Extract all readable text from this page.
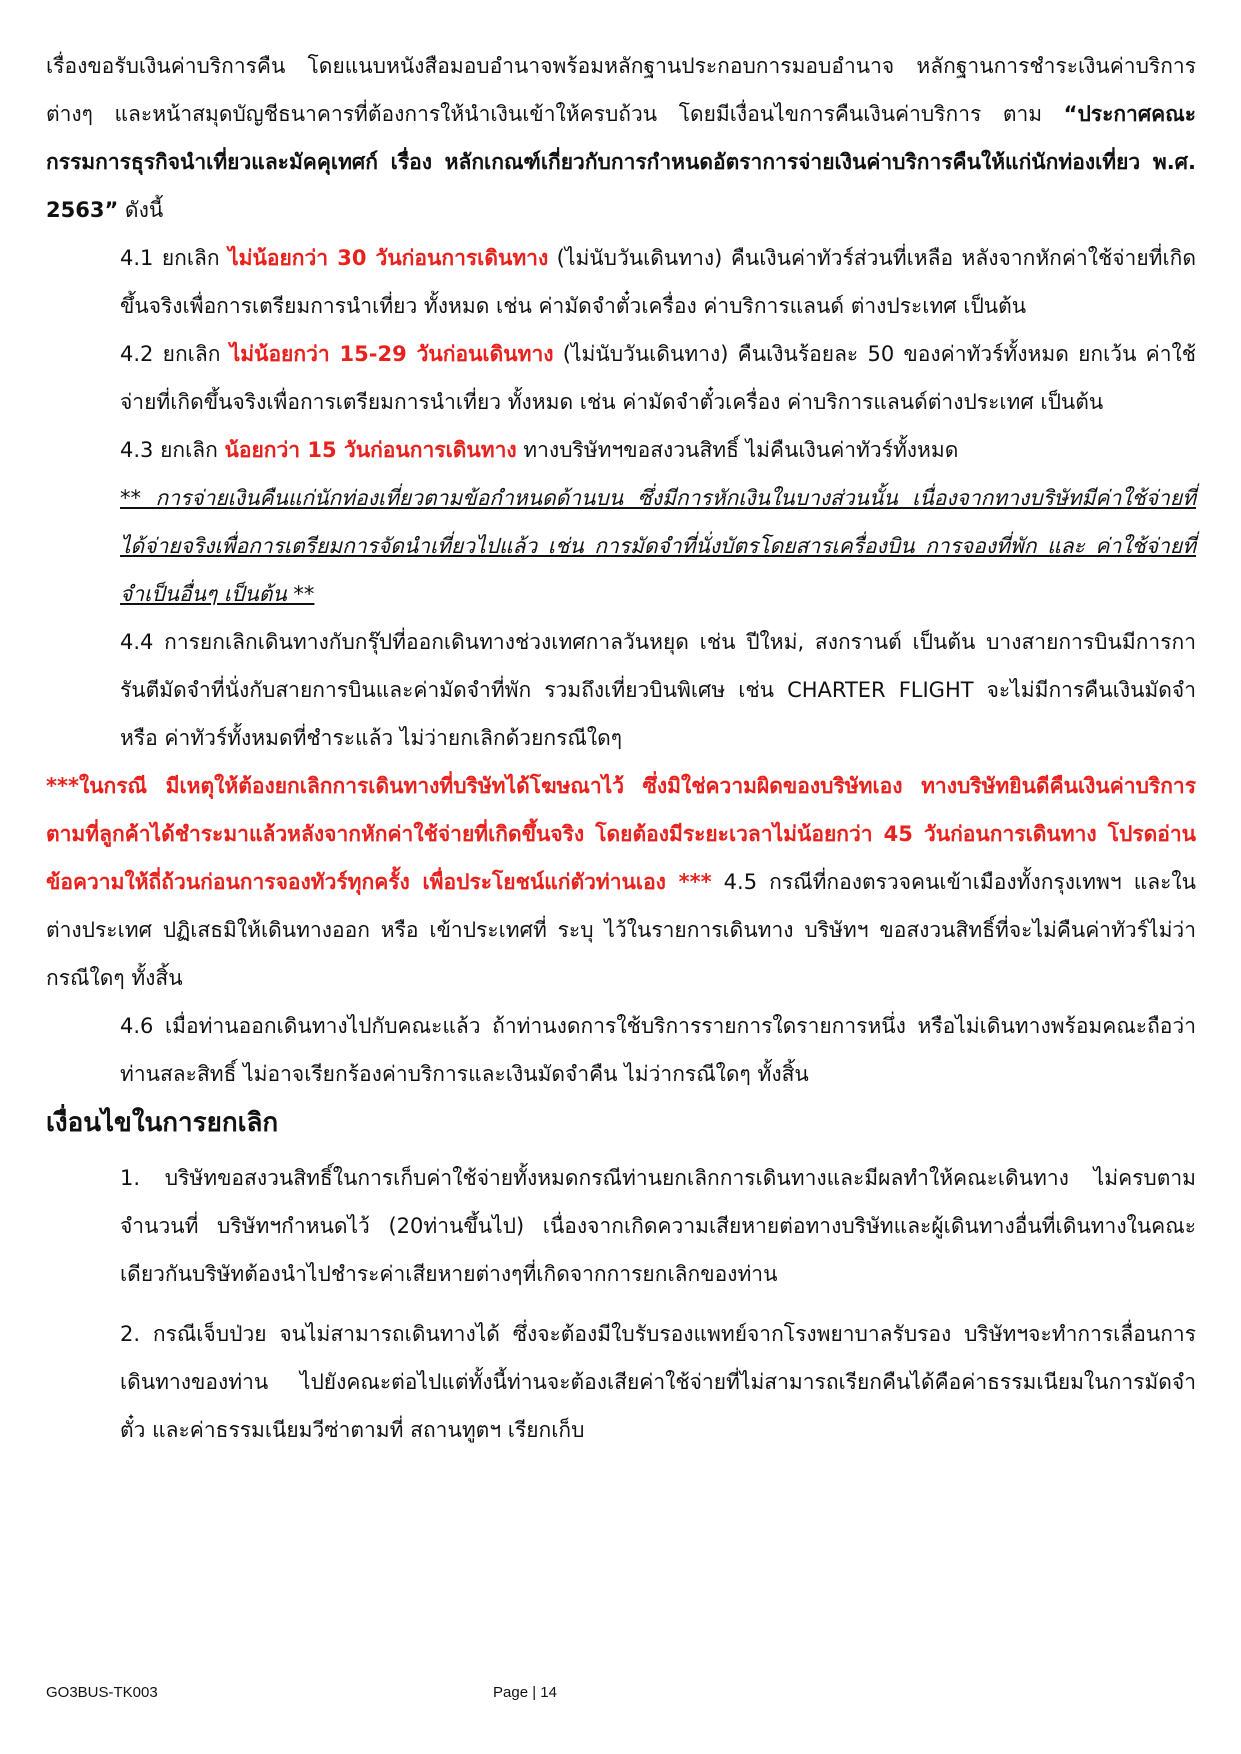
เรื่องขอรับเงินค่าบริการคืน โดยแนบหนังสือมอบอำนาจพร้อมหลักฐานประกอบการมอบอำนาจ หลักฐานการชำระเงินค่าบริการต่างๆ และหน้าสมุดบัญชีธนาคารที่ต้องการให้นำเงินเข้าให้ครบถ้วน โดยมีเงื่อนไขการคืนเงินค่าบริการ ตาม “ประกาศคณะกรรมการธุรกิจนำเที่ยวและมัคคุเทศก์ เรื่อง หลักเกณฑ์เกี่ยวกับการกำหนดอัตราการจ่ายเงินค่าบริการคืนให้แก่นักท่องเที่ยว พ.ศ. 2563” ดังนี้

4.1 ยกเลิก ไม่น้อยกว่า 30 วันก่อนการเดินทาง (ไม่นับวันเดินทาง) คืนเงินค่าทัวร์ส่วนที่เหลือ หลังจากหักค่าใช้จ่ายที่เกิดขึ้นจริงเพื่อการเตรียมการนำเที่ยว ทั้งหมด เช่น ค่ามัดจำตั๋วเครื่อง ค่าบริการแลนด์ ต่างประเทศ เป็นต้น

4.2 ยกเลิก ไม่น้อยกว่า 15-29 วันก่อนเดินทาง (ไม่นับวันเดินทาง) คืนเงินร้อยละ 50 ของค่าทัวร์ทั้งหมด ยกเว้น ค่าใช้จ่ายที่เกิดขึ้นจริงเพื่อการเตรียมการนำเที่ยว ทั้งหมด เช่น ค่ามัดจำตั๋วเครื่อง ค่าบริการแลนด์ต่างประเทศ เป็นต้น

4.3 ยกเลิก น้อยกว่า 15 วันก่อนการเดินทาง ทางบริษัทฯขอสงวนสิทธิ์ ไม่คืนเงินค่าทัวร์ทั้งหมด

** การจ่ายเงินคืนแก่นักท่องเที่ยวตามข้อกำหนดด้านบน ซึ่งมีการหักเงินในบางส่วนนั้น เนื่องจากทางบริษัทมีค่าใช้จ่ายที่ได้จ่ายจริงเพื่อการเตรียมการจัดนำเที่ยวไปแล้ว เช่น การมัดจำที่นั่งบัตรโดยสารเครื่องบิน การจองที่พัก และ ค่าใช้จ่ายที่จำเป็นอื่นๆ เป็นต้น **

4.4 การยกเลิกเดินทางกับกรุ๊ปที่ออกเดินทางช่วงเทศกาลวันหยุด เช่น ปีใหม่, สงกรานต์ เป็นต้น บางสายการบินมีการการันตีมัดจำที่นั่งกับสายการบินและค่ามัดจำที่พัก รวมถึงเที่ยวบินพิเศษ เช่น CHARTER FLIGHT จะไม่มีการคืนเงินมัดจำ หรือ ค่าทัวร์ทั้งหมดที่ชำระแล้ว ไม่ว่ายกเลิกด้วยกรณีใดๆ

***ในกรณี มีเหตุให้ต้องยกเลิกการเดินทางที่บริษัทได้โฆษณาไว้ ซึ่งมิใช่ความผิดของบริษัทเอง ทางบริษัทยินดีคืนเงินค่าบริการตามที่ลูกค้าได้ชำระมาแล้วหลังจากหักค่าใช้จ่ายที่เกิดขึ้นจริง โดยต้องมีระยะเวลาไม่น้อยกว่า 45 วันก่อนการเดินทาง โปรดอ่านข้อความให้ถี่ถ้วนก่อนการจองทัวร์ทุกครั้ง เพื่อประโยชน์แก่ตัวท่านเอง *** 4.5 กรณีที่กองตรวจคนเข้าเมืองทั้งกรุงเทพฯ และในต่างประเทศ ปฏิเสธมิให้เดินทางออก หรือ เข้าประเทศที่ ระบุ ไว้ในรายการเดินทาง บริษัทฯ ขอสงวนสิทธิ์ที่จะไม่คืนค่าทัวร์ไม่ว่ากรณีใดๆ ทั้งสิ้น

4.6 เมื่อท่านออกเดินทางไปกับคณะแล้ว ถ้าท่านงดการใช้บริการรายการใดรายการหนึ่ง หรือไม่เดินทางพร้อมคณะถือว่าท่านสละสิทธิ์ ไม่อาจเรียกร้องค่าบริการและเงินมัดจำคืน ไม่ว่ากรณีใดๆ ทั้งสิ้น

เงื่อนไขในการยกเลิก

1. บริษัทขอสงวนสิทธิ์ในการเก็บค่าใช้จ่ายทั้งหมดกรณีท่านยกเลิกการเดินทางและมีผลทำให้คณะเดินทาง ไม่ครบตามจำนวนที่ บริษัทฯกำหนดไว้ (20ท่านขึ้นไป) เนื่องจากเกิดความเสียหายต่อทางบริษัทและผู้เดินทางอื่นที่เดินทางในคณะเดียวกันบริษัทต้องนำไปชำระค่าเสียหายต่างๆที่เกิดจากการยกเลิกของท่าน

2. กรณีเจ็บป่วย จนไม่สามารถเดินทางได้ ซึ่งจะต้องมีใบรับรองแพทย์จากโรงพยาบาลรับรอง บริษัทฯจะทำการเลื่อนการเดินทางของท่าน ไปยังคณะต่อไปแต่ทั้งนี้ท่านจะต้องเสียค่าใช้จ่ายที่ไม่สามารถเรียกคืนได้คือค่าธรรมเนียมในการมัดจำตั๋ว และค่าธรรมเนียมวีซ่าตามที่ สถานทูตฯ เรียกเก็บ

GO3BUS-TK003	Page | 14
